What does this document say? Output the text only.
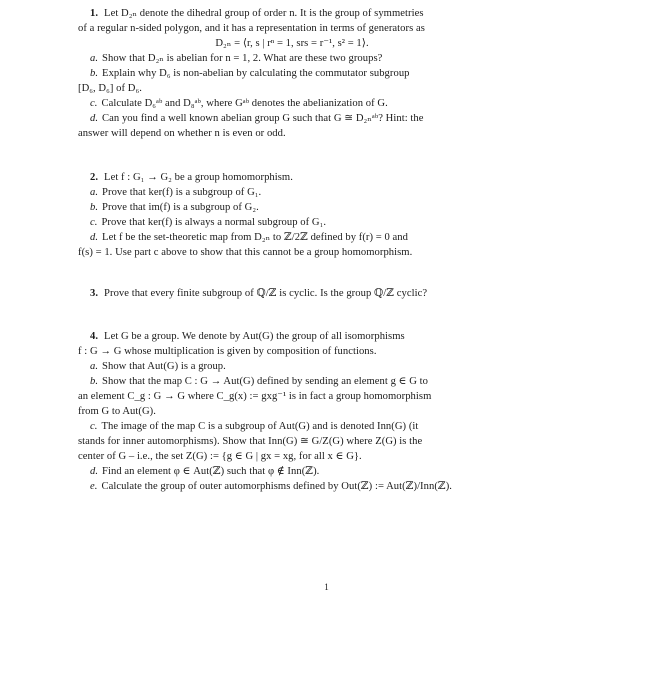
1. Let D₂ₙ denote the dihedral group of order n. It is the group of symmetries
of a regular n-sided polygon, and it has a representation in terms of generators as
D₂ₙ = ⟨r, s | rⁿ = 1, srs = r⁻¹, s² = 1⟩.
a. Show that D₂ₙ is abelian for n = 1, 2. What are these two groups?
b. Explain why D₆ is non-abelian by calculating the commutator subgroup
[D₆, D₆] of D₆.
c. Calculate D₆ᵃᵇ and D₈ᵃᵇ, where Gᵃᵇ denotes the abelianization of G.
d. Can you find a well known abelian group G such that G ≅ D₂ₙᵃᵇ? Hint: the
answer will depend on whether n is even or odd.
2. Let f : G₁ → G₂ be a group homomorphism.
a. Prove that ker(f) is a subgroup of G₁.
b. Prove that im(f) is a subgroup of G₂.
c. Prove that ker(f) is always a normal subgroup of G₁.
d. Let f be the set-theoretic map from D₂ₙ to ℤ/2ℤ defined by f(r) = 0 and
f(s) = 1. Use part c above to show that this cannot be a group homomorphism.
3. Prove that every finite subgroup of ℚ/ℤ is cyclic. Is the group ℚ/ℤ cyclic?
4. Let G be a group. We denote by Aut(G) the group of all isomorphisms
f : G → G whose multiplication is given by composition of functions.
a. Show that Aut(G) is a group.
b. Show that the map C : G → Aut(G) defined by sending an element g ∈ G to
an element C_g : G → G where C_g(x) := gxg⁻¹ is in fact a group homomorphism
from G to Aut(G).
c. The image of the map C is a subgroup of Aut(G) and is denoted Inn(G) (it
stands for inner automorphisms). Show that Inn(G) ≅ G/Z(G) where Z(G) is the
center of G – i.e., the set Z(G) := {g ∈ G | gx = xg, for all x ∈ G}.
d. Find an element φ ∈ Aut(ℤ) such that φ ∉ Inn(ℤ).
e. Calculate the group of outer automorphisms defined by Out(ℤ) := Aut(ℤ)/Inn(ℤ).
1
